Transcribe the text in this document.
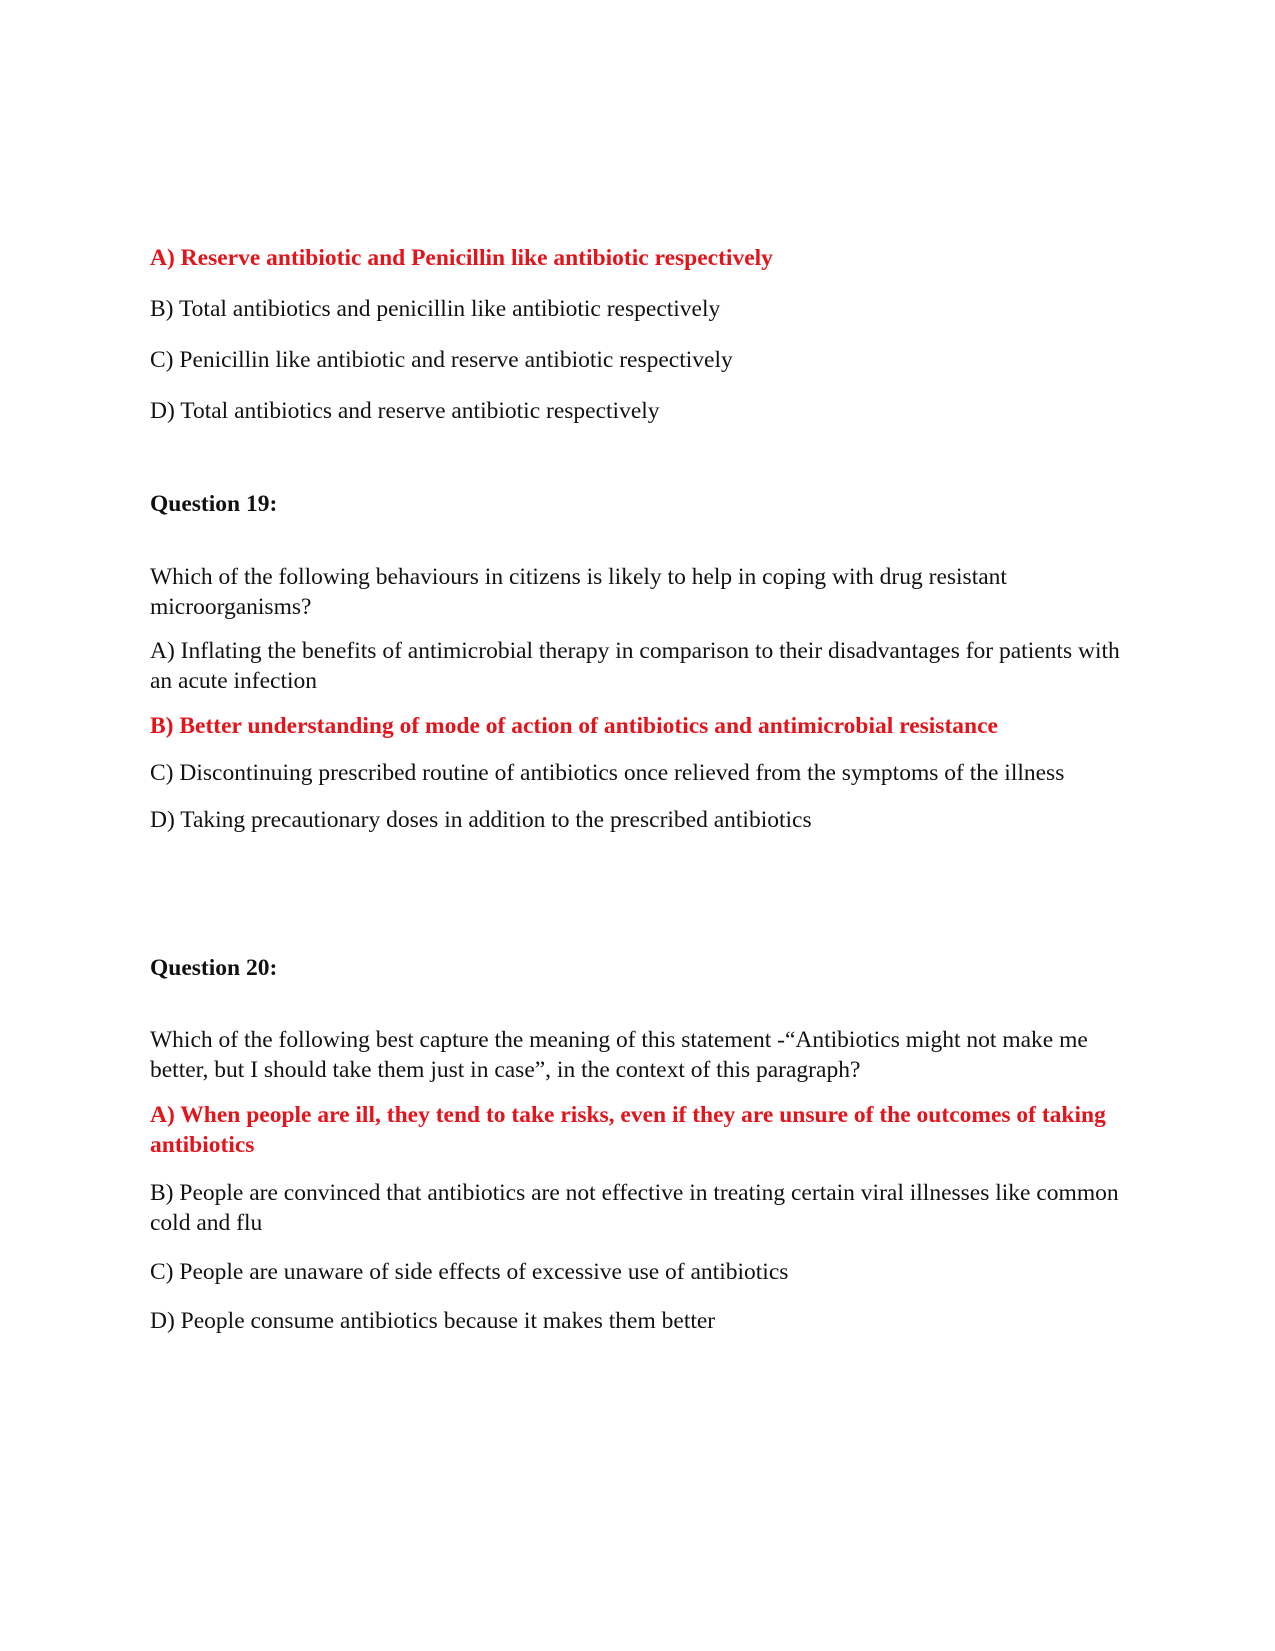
A) Reserve antibiotic and Penicillin like antibiotic respectively

B) Total antibiotics and penicillin like antibiotic respectively

C) Penicillin like antibiotic and reserve antibiotic respectively

D) Total antibiotics and reserve antibiotic respectively

Question 19:

Which of the following behaviours in citizens is likely to help in coping with drug resistant microorganisms?

A) Inflating the benefits of antimicrobial therapy in comparison to their disadvantages for patients with an acute infection

B) Better understanding of mode of action of antibiotics and antimicrobial resistance

C) Discontinuing prescribed routine of antibiotics once relieved from the symptoms of the illness

D) Taking precautionary doses in addition to the prescribed antibiotics

Question 20:

Which of the following best capture the meaning of this statement -“Antibiotics might not make me better, but I should take them just in case”, in the context of this paragraph?

A) When people are ill, they tend to take risks, even if they are unsure of the outcomes of taking antibiotics

B) People are convinced that antibiotics are not effective in treating certain viral illnesses like common cold and flu

C) People are unaware of side effects of excessive use of antibiotics

D) People consume antibiotics because it makes them better
